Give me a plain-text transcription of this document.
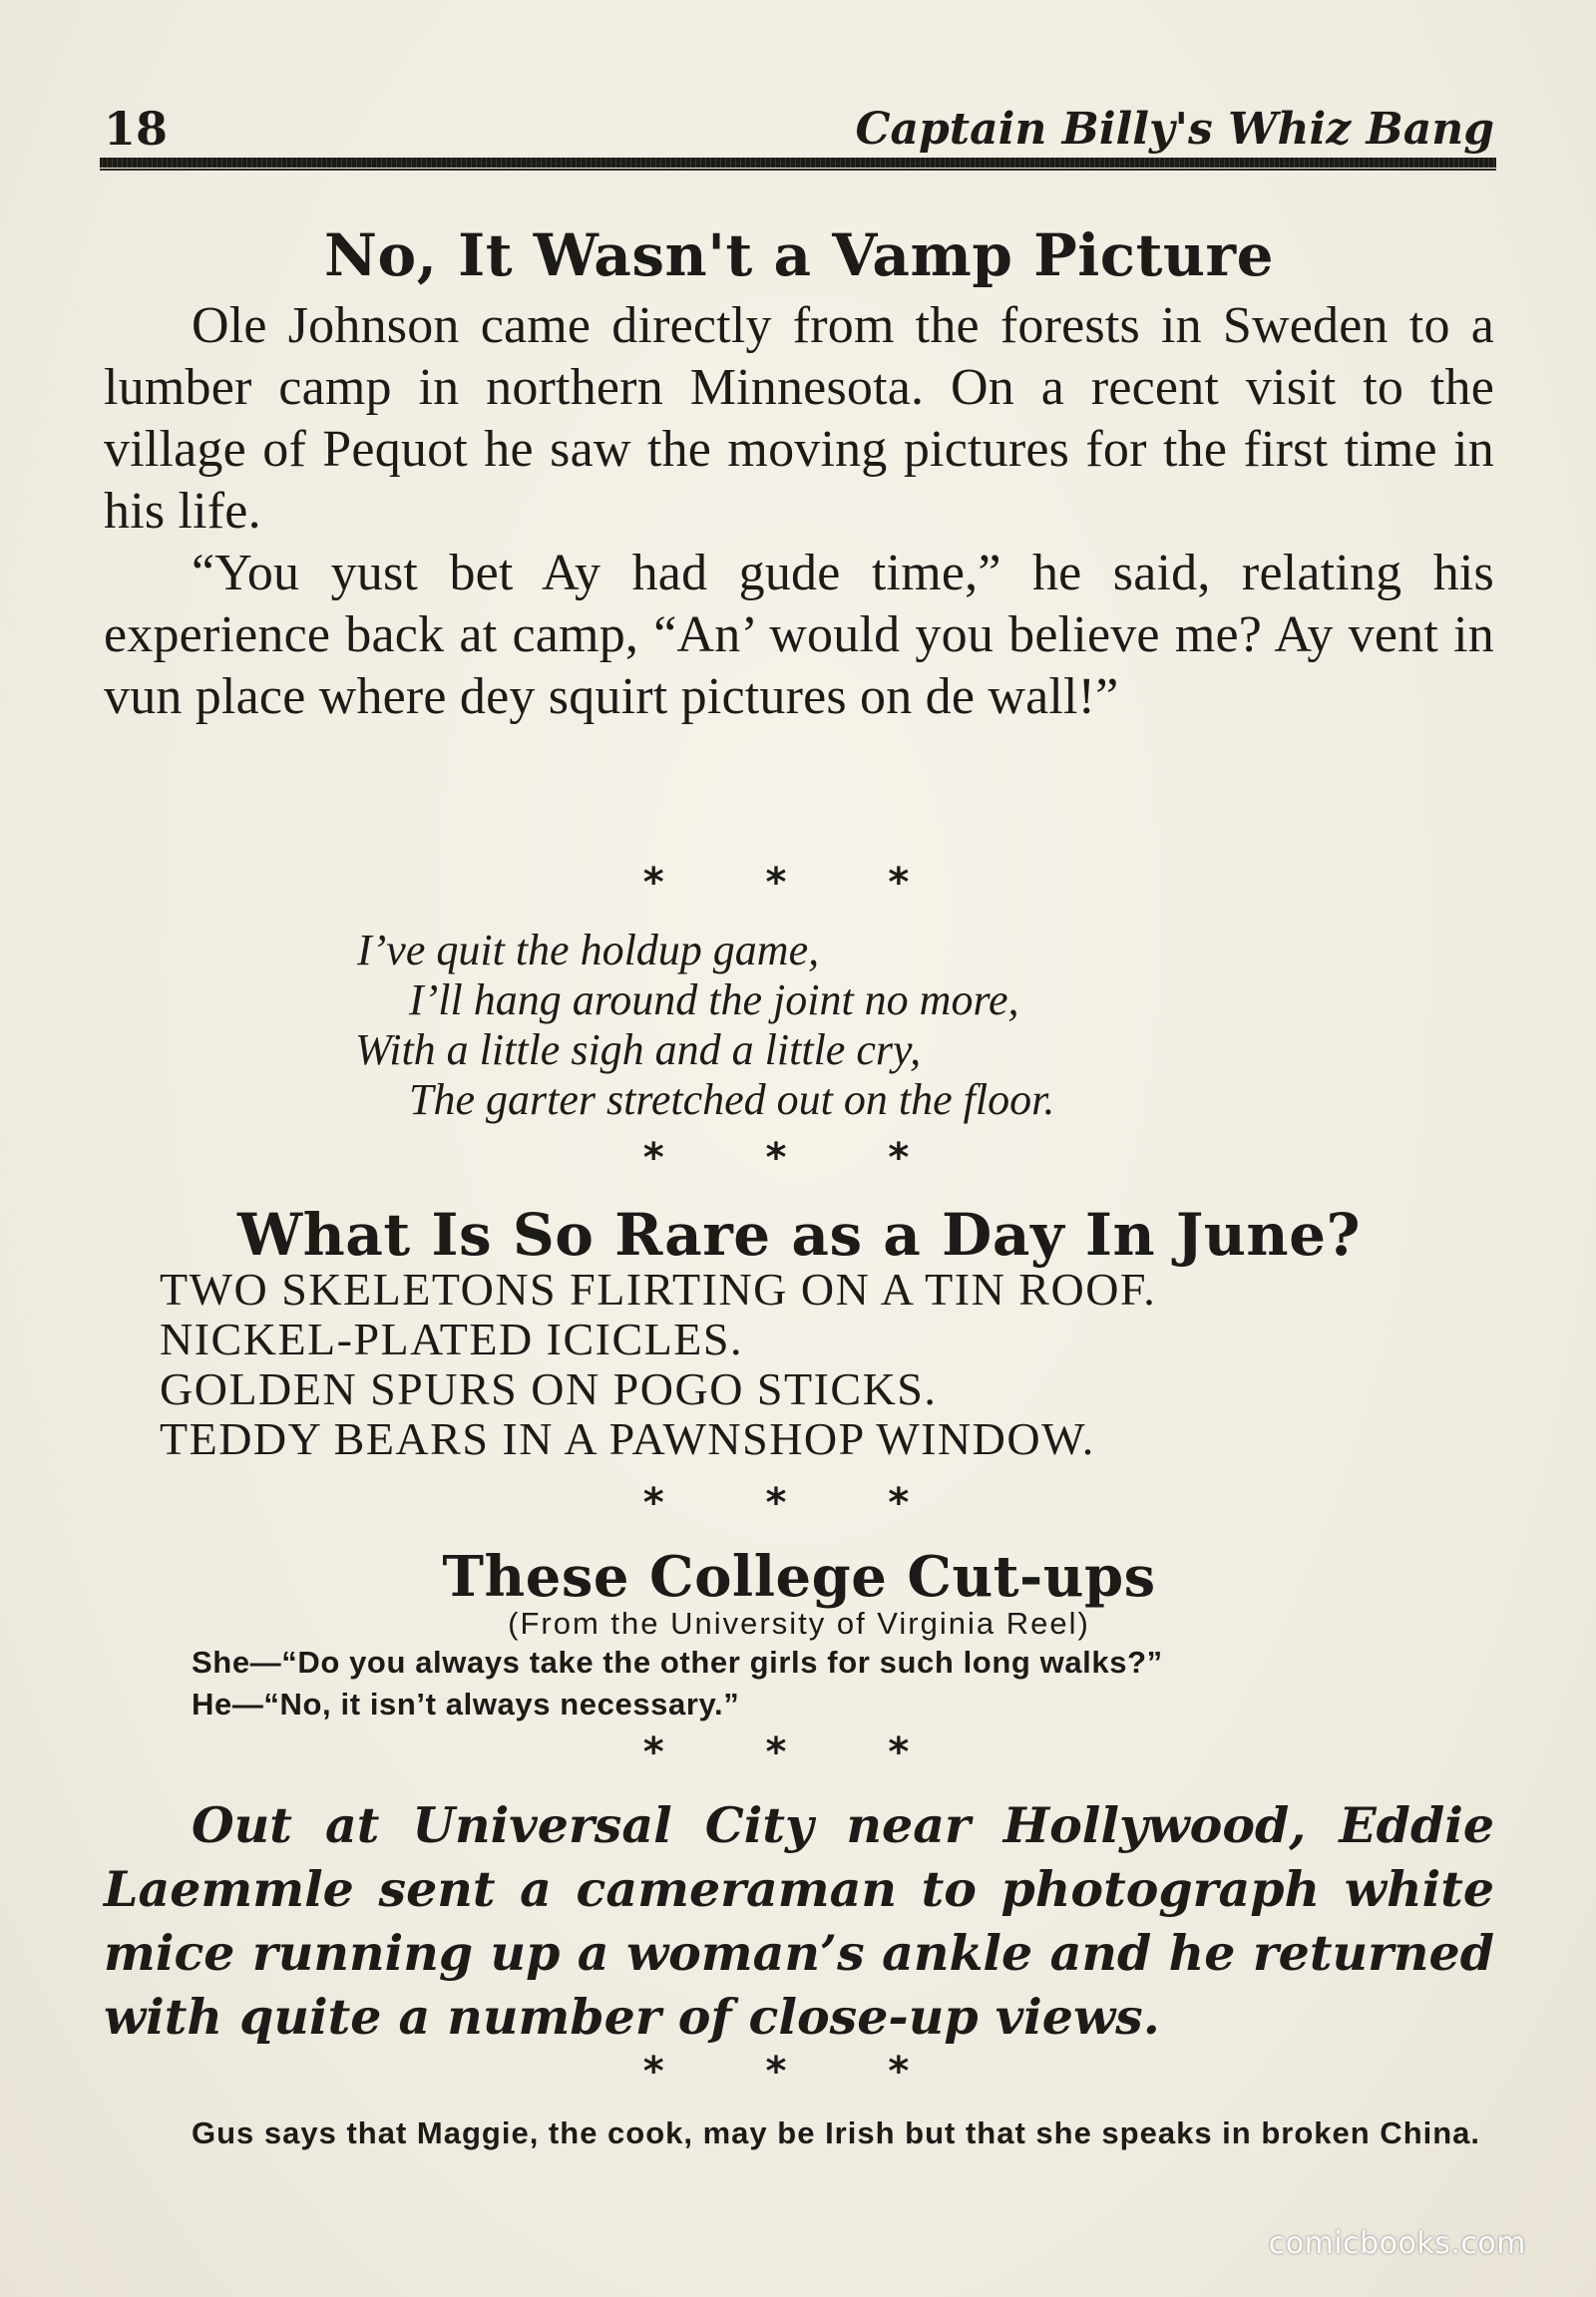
18	Captain Billy's Whiz Bang
No, It Wasn't a Vamp Picture

Ole Johnson came directly from the forests in Sweden to a lumber camp in northern Minnesota. On a recent visit to the village of Pequot he saw the moving pictures for the first time in his life.

“You yust bet Ay had gude time,” he said, relating his experience back at camp, “An’ would you believe me? Ay vent in vun place where dey squirt pictures on de wall!”

* * *
I’ve quit the holdup game,
I’ll hang around the joint no more,
With a little sigh and a little cry,
The garter stretched out on the floor.
* * *
What Is So Rare as a Day In June?

TWO SKELETONS FLIRTING ON A TIN ROOF.

NICKEL-PLATED ICICLES.

GOLDEN SPURS ON POGO STICKS.

TEDDY BEARS IN A PAWNSHOP WINDOW.

* * *
These College Cut-ups

(From the University of Virginia Reel)

She—“Do you always take the other girls for such long walks?”

He—“No, it isn’t always necessary.”

* * *

Out at Universal City near Hollywood, Eddie Laemmle sent a cameraman to photograph white mice running up a woman’s ankle and he returned with quite a number of close-up views.

* * *

Gus says that Maggie, the cook, may be Irish but that she speaks in broken China.

comicbooks.com
